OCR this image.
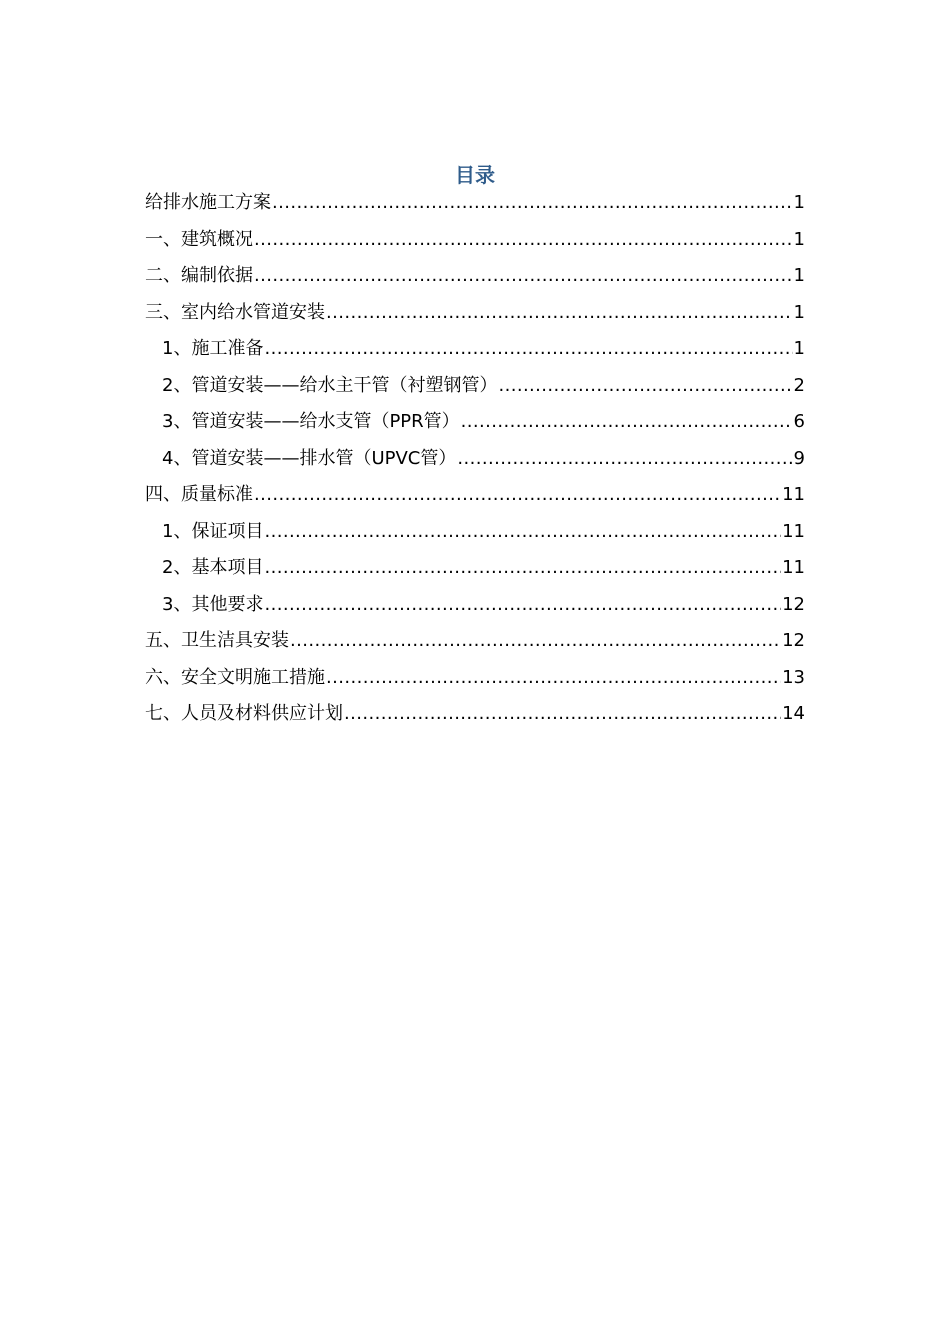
目录
给排水施工方案 .....	1
一、建筑概况 .....	1
二、编制依据 .....	1
三、室内给水管道安装 .....	1
1、施工准备 .....	1
2、管道安装——给水主干管（衬塑钢管） .....	2
3、管道安装——给水支管（PPR管） .....	6
4、管道安装——排水管（UPVC管） .....	9
四、质量标准 .....	11
1、保证项目 .....	11
2、基本项目 .....	11
3、其他要求 .....	12
五、卫生洁具安装 .....	12
六、安全文明施工措施 .....	13
七、人员及材料供应计划 .....	14
